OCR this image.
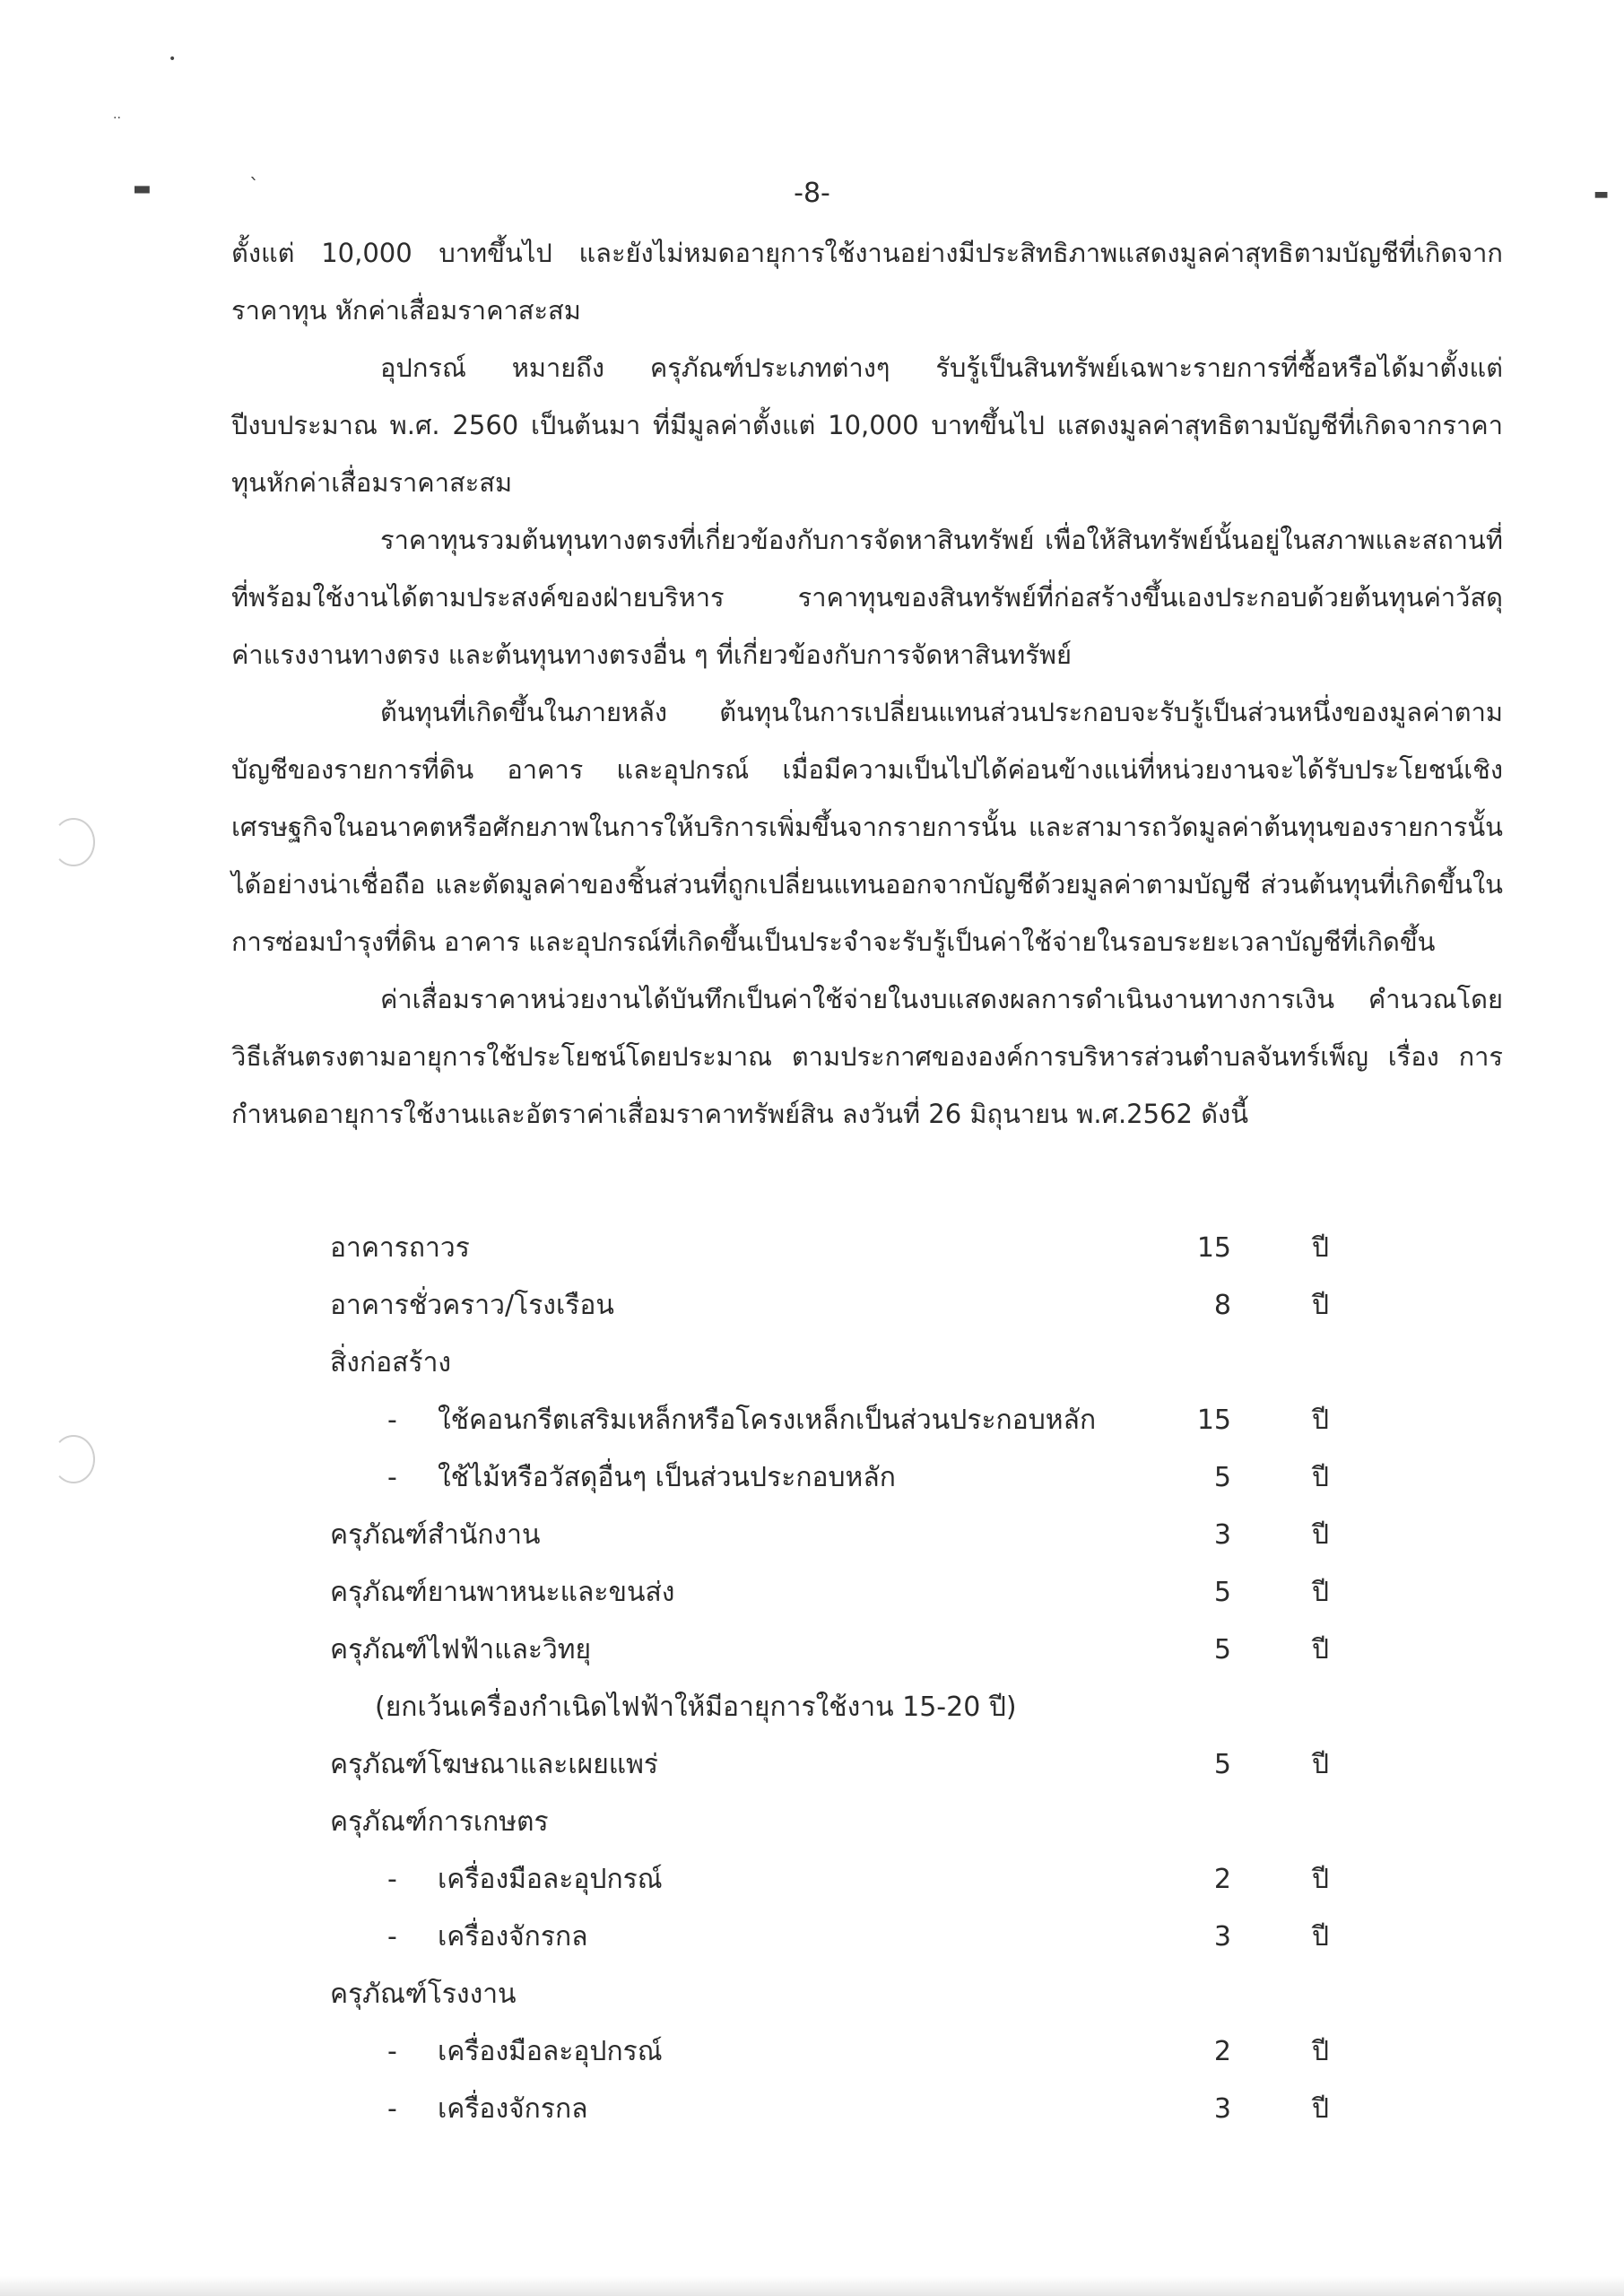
•
··
▬	ˋ	▬
-8-

ตั้งแต่ 10,000 บาทขึ้นไป และยังไม่หมดอายุการใช้งานอย่างมีประสิทธิภาพแสดงมูลค่าสุทธิตามบัญชีที่เกิดจากราคาทุน หักค่าเสื่อมราคาสะสม

อุปกรณ์ หมายถึง ครุภัณฑ์ประเภทต่างๆ รับรู้เป็นสินทรัพย์เฉพาะรายการที่ซื้อหรือได้มาตั้งแต่ปีงบประมาณ พ.ศ. 2560 เป็นต้นมา ที่มีมูลค่าตั้งแต่ 10,000 บาทขึ้นไป แสดงมูลค่าสุทธิตามบัญชีที่เกิดจากราคาทุนหักค่าเสื่อมราคาสะสม

ราคาทุนรวมต้นทุนทางตรงที่เกี่ยวข้องกับการจัดหาสินทรัพย์ เพื่อให้สินทรัพย์นั้นอยู่ในสภาพและสถานที่ที่พร้อมใช้งานได้ตามประสงค์ของฝ่ายบริหาร ราคาทุนของสินทรัพย์ที่ก่อสร้างขึ้นเองประกอบด้วยต้นทุนค่าวัสดุ ค่าแรงงานทางตรง และต้นทุนทางตรงอื่น ๆ ที่เกี่ยวข้องกับการจัดหาสินทรัพย์

ต้นทุนที่เกิดขึ้นในภายหลัง ต้นทุนในการเปลี่ยนแทนส่วนประกอบจะรับรู้เป็นส่วนหนึ่งของมูลค่าตามบัญชีของรายการที่ดิน อาคาร และอุปกรณ์ เมื่อมีความเป็นไปได้ค่อนข้างแน่ที่หน่วยงานจะได้รับประโยชน์เชิงเศรษฐกิจในอนาคตหรือศักยภาพในการให้บริการเพิ่มขึ้นจากรายการนั้น และสามารถวัดมูลค่าต้นทุนของรายการนั้นได้อย่างน่าเชื่อถือ และตัดมูลค่าของชิ้นส่วนที่ถูกเปลี่ยนแทนออกจากบัญชีด้วยมูลค่าตามบัญชี ส่วนต้นทุนที่เกิดขึ้นในการซ่อมบำรุงที่ดิน อาคาร และอุปกรณ์ที่เกิดขึ้นเป็นประจำจะรับรู้เป็นค่าใช้จ่ายในรอบระยะเวลาบัญชีที่เกิดขึ้น

ค่าเสื่อมราคาหน่วยงานได้บันทึกเป็นค่าใช้จ่ายในงบแสดงผลการดำเนินงานทางการเงิน คำนวณโดยวิธีเส้นตรงตามอายุการใช้ประโยชน์โดยประมาณ ตามประกาศขององค์การบริหารส่วนตำบลจันทร์เพ็ญ เรื่อง การกำหนดอายุการใช้งานและอัตราค่าเสื่อมราคาทรัพย์สิน ลงวันที่ 26 มิถุนายน พ.ศ.2562 ดังนี้

อาคารถาวร	15	ปี
อาคารชั่วคราว/โรงเรือน	8	ปี
สิ่งก่อสร้าง
- ใช้คอนกรีตเสริมเหล็กหรือโครงเหล็กเป็นส่วนประกอบหลัก	15	ปี
- ใช้ไม้หรือวัสดุอื่นๆ เป็นส่วนประกอบหลัก	5	ปี
ครุภัณฑ์สำนักงาน	3	ปี
ครุภัณฑ์ยานพาหนะและขนส่ง	5	ปี
ครุภัณฑ์ไฟฟ้าและวิทยุ	5	ปี
(ยกเว้นเครื่องกำเนิดไฟฟ้าให้มีอายุการใช้งาน 15-20 ปี)
ครุภัณฑ์โฆษณาและเผยแพร่	5	ปี
ครุภัณฑ์การเกษตร
- เครื่องมือละอุปกรณ์	2	ปี
- เครื่องจักรกล	3	ปี
ครุภัณฑ์โรงงาน
- เครื่องมือละอุปกรณ์	2	ปี
- เครื่องจักรกล	3	ปี
